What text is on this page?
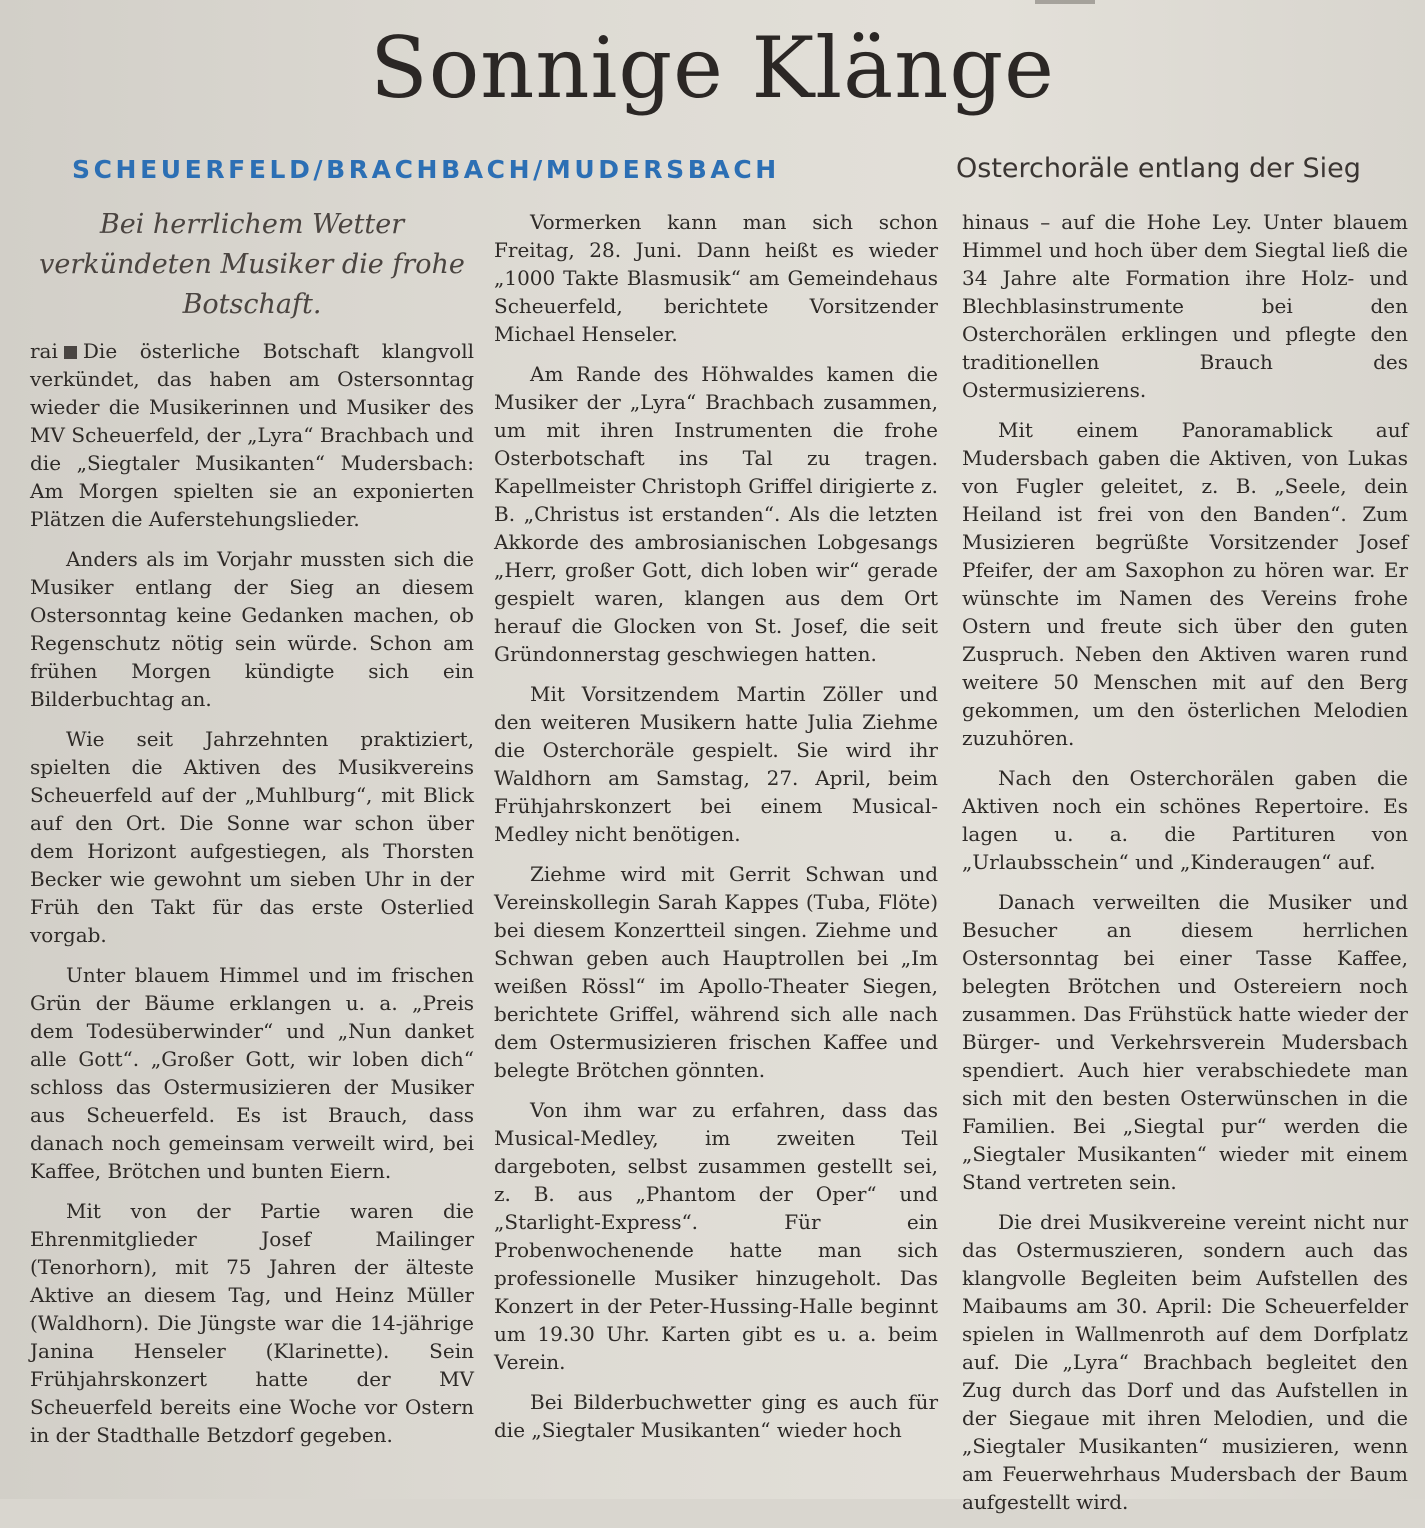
Sonnige Klänge
SCHEUERFELD/BRACHBACH/MUDERSBACH	Osterchoräle entlang der Sieg

Bei herrlichem Wetter verkündeten Musiker die frohe Botschaft.

rai Die österliche Botschaft klangvoll verkündet, das haben am Ostersonntag wieder die Musikerinnen und Musiker des MV Scheuerfeld, der „Lyra“ Brachbach und die „Siegtaler Musikanten“ Mudersbach: Am Morgen spielten sie an exponierten Plätzen die Auferstehungslieder.

Anders als im Vorjahr mussten sich die Musiker entlang der Sieg an diesem Ostersonntag keine Gedanken machen, ob Regenschutz nötig sein würde. Schon am frühen Morgen kündigte sich ein Bilderbuchtag an.

Wie seit Jahrzehnten praktiziert, spielten die Aktiven des Musikvereins Scheuerfeld auf der „Muhlburg“, mit Blick auf den Ort. Die Sonne war schon über dem Horizont aufgestiegen, als Thorsten Becker wie gewohnt um sieben Uhr in der Früh den Takt für das erste Osterlied vorgab.

Unter blauem Himmel und im frischen Grün der Bäume erklangen u. a. „Preis dem Todesüberwinder“ und „Nun danket alle Gott“. „Großer Gott, wir loben dich“ schloss das Ostermusizieren der Musiker aus Scheuerfeld. Es ist Brauch, dass danach noch gemeinsam verweilt wird, bei Kaffee, Brötchen und bunten Eiern.

Mit von der Partie waren die Ehrenmitglieder Josef Mailinger (Tenorhorn), mit 75 Jahren der älteste Aktive an diesem Tag, und Heinz Müller (Waldhorn). Die Jüngste war die 14-jährige Janina Henseler (Klarinette). Sein Frühjahrskonzert hatte der MV Scheuerfeld bereits eine Woche vor Ostern in der Stadthalle Betzdorf gegeben.

Vormerken kann man sich schon Freitag, 28. Juni. Dann heißt es wieder „1000 Takte Blasmusik“ am Gemeindehaus Scheuerfeld, berichtete Vorsitzender Michael Henseler.

Am Rande des Höhwaldes kamen die Musiker der „Lyra“ Brachbach zusammen, um mit ihren Instrumenten die frohe Osterbotschaft ins Tal zu tragen. Kapellmeister Christoph Griffel dirigierte z. B. „Christus ist erstanden“. Als die letzten Akkorde des ambrosianischen Lobgesangs „Herr, großer Gott, dich loben wir“ gerade gespielt waren, klangen aus dem Ort herauf die Glocken von St. Josef, die seit Gründonnerstag geschwiegen hatten.

Mit Vorsitzendem Martin Zöller und den weiteren Musikern hatte Julia Ziehme die Osterchoräle gespielt. Sie wird ihr Waldhorn am Samstag, 27. April, beim Frühjahrskonzert bei einem Musical-Medley nicht benötigen.

Ziehme wird mit Gerrit Schwan und Vereinskollegin Sarah Kappes (Tuba, Flöte) bei diesem Konzertteil singen. Ziehme und Schwan geben auch Hauptrollen bei „Im weißen Rössl“ im Apollo-Theater Siegen, berichtete Griffel, während sich alle nach dem Ostermusizieren frischen Kaffee und belegte Brötchen gönnten.

Von ihm war zu erfahren, dass das Musical-Medley, im zweiten Teil dargeboten, selbst zusammen gestellt sei, z. B. aus „Phantom der Oper“ und „Starlight-Express“. Für ein Probenwochenende hatte man sich professionelle Musiker hinzugeholt. Das Konzert in der Peter-Hussing-Halle beginnt um 19.30 Uhr. Karten gibt es u. a. beim Verein.

Bei Bilderbuchwetter ging es auch für die „Siegtaler Musikanten“ wieder hoch

hinaus – auf die Hohe Ley. Unter blauem Himmel und hoch über dem Siegtal ließ die 34 Jahre alte Formation ihre Holz- und Blechblasinstrumente bei den Osterchorälen erklingen und pflegte den traditionellen Brauch des Ostermusizierens.

Mit einem Panoramablick auf Mudersbach gaben die Aktiven, von Lukas von Fugler geleitet, z. B. „Seele, dein Heiland ist frei von den Banden“. Zum Musizieren begrüßte Vorsitzender Josef Pfeifer, der am Saxophon zu hören war. Er wünschte im Namen des Vereins frohe Ostern und freute sich über den guten Zuspruch. Neben den Aktiven waren rund weitere 50 Menschen mit auf den Berg gekommen, um den österlichen Melodien zuzuhören.

Nach den Osterchorälen gaben die Aktiven noch ein schönes Repertoire. Es lagen u. a. die Partituren von „Urlaubsschein“ und „Kinderaugen“ auf.

Danach verweilten die Musiker und Besucher an diesem herrlichen Ostersonntag bei einer Tasse Kaffee, belegten Brötchen und Ostereiern noch zusammen. Das Frühstück hatte wieder der Bürger- und Verkehrsverein Mudersbach spendiert. Auch hier verabschiedete man sich mit den besten Osterwünschen in die Familien. Bei „Siegtal pur“ werden die „Siegtaler Musikanten“ wieder mit einem Stand vertreten sein.

Die drei Musikvereine vereint nicht nur das Ostermuszieren, sondern auch das klangvolle Begleiten beim Aufstellen des Maibaums am 30. April: Die Scheuerfelder spielen in Wallmenroth auf dem Dorfplatz auf. Die „Lyra“ Brachbach begleitet den Zug durch das Dorf und das Aufstellen in der Siegaue mit ihren Melodien, und die „Siegtaler Musikanten“ musizieren, wenn am Feuerwehrhaus Mudersbach der Baum aufgestellt wird.
